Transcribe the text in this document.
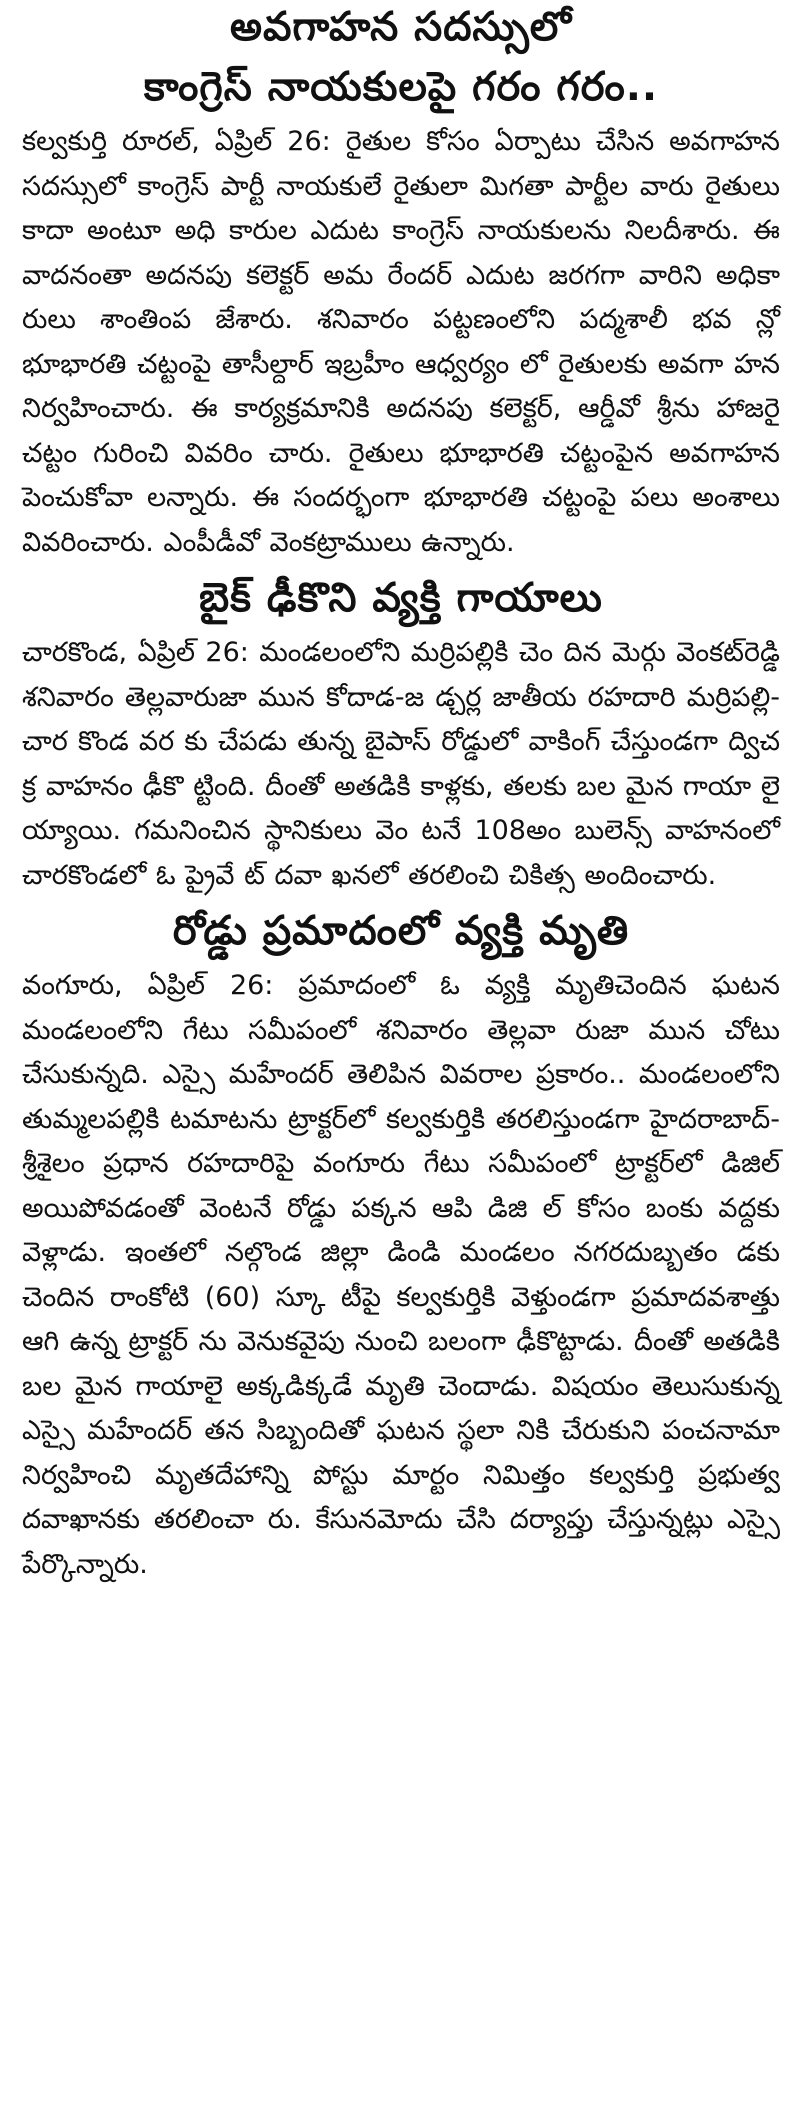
అవగాహన సదస్సులో
కాంగ్రెస్ నాయకులపై గరం గరం..

కల్వకుర్తి రూరల్, ఏప్రిల్ 26: రైతుల కోసం ఏర్పాటు చేసిన అవగాహన సదస్సులో కాంగ్రెస్ పార్టీ నాయకులే రైతులా మిగతా పార్టీల వారు రైతులు కాదా అంటూ అధి కారుల ఎదుట కాంగ్రెస్ నాయకులను నిలదీశారు. ఈ వాదనంతా అదనపు కలెక్టర్ అమ రేందర్ ఎదుట జరగగా వారిని అధికా రులు శాంతింప జేశారు. శనివారం పట్టణంలోని పద్మశాలీ భవ న్లో భూభారతి చట్టంపై తాసీల్దార్ ఇబ్రహీం ఆధ్వర్యం లో రైతులకు అవగా హన నిర్వహించారు. ఈ కార్యక్రమానికి అదనపు కలెక్టర్, ఆర్డీవో శ్రీను హాజరై చట్టం గురించి వివరిం చారు. రైతులు భూభారతి చట్టంపైన అవగాహన పెంచుకోవా లన్నారు. ఈ సందర్భంగా భూభారతి చట్టంపై పలు అంశాలు వివరించారు. ఎంపీడీవో వెంకట్రాములు ఉన్నారు.

బైక్ ఢీకొని వ్యక్తి గాయాలు

చారకొండ, ఏప్రిల్ 26: మండలంలోని మర్రిపల్లికి చెం దిన మెర్గు వెంకట్‌రెడ్డి శనివారం తెల్లవారుజా మున కోదాడ-జ డ్చర్ల జాతీయ రహదారి మర్రిపల్లి-చార కొండ వర కు చేపడు తున్న బైపాస్ రోడ్డులో వాకింగ్ చేస్తుండగా ద్విచ క్ర వాహనం ఢీకొ ట్టింది. దీంతో అతడికి కాళ్లకు, తలకు బల మైన గాయా లై య్యాయి. గమనించిన స్థానికులు వెం టనే 108అం బులెన్స్ వాహనంలో చారకొండలో ఓ ప్రైవే ట్ దవా ఖనలో తరలించి చికిత్స అందించారు.

రోడ్డు ప్రమాదంలో వ్యక్తి మృతి

వంగూరు, ఏప్రిల్ 26: ప్రమాదంలో ఓ వ్యక్తి మృతిచెందిన ఘటన మండలంలోని గేటు సమీపంలో శనివారం తెల్లవా రుజా మున చోటు చేసుకున్నది. ఎస్సై మహేందర్ తెలిపిన వివరాల ప్రకారం.. మండలంలోని తుమ్మలపల్లికి టమాటను ట్రాక్టర్‌లో కల్వకుర్తికి తరలిస్తుండగా హైదరాబాద్-శ్రీశైలం ప్రధాన రహదారిపై వంగూరు గేటు సమీపంలో ట్రాక్టర్‌లో డిజిల్ అయిపోవడంతో వెంటనే రోడ్డు పక్కన ఆపి డిజి ల్ కోసం బంకు వద్దకు వెళ్లాడు. ఇంతలో నల్గొండ జిల్లా డిండి మండలం నగరదుబ్బతం డకు చెందిన రాంకోటి (60) స్కూ టీపై కల్వకుర్తికి వెళ్తుండగా ప్రమాదవశాత్తు ఆగి ఉన్న ట్రాక్టర్ ను వెనుకవైపు నుంచి బలంగా ఢీకొట్టాడు. దీంతో అతడికి బల మైన గాయాలై అక్కడిక్కడే మృతి చెందాడు. విషయం తెలుసుకున్న ఎస్సై మహేందర్ తన సిబ్బందితో ఘటన స్థలా నికి చేరుకుని పంచనామా నిర్వహించి మృతదేహాన్ని పోస్టు మార్టం నిమిత్తం కల్వకుర్తి ప్రభుత్వ దవాఖానకు తరలించా రు. కేసునమోదు చేసి దర్యాప్తు చేస్తున్నట్లు ఎస్సై పేర్కొన్నారు.
